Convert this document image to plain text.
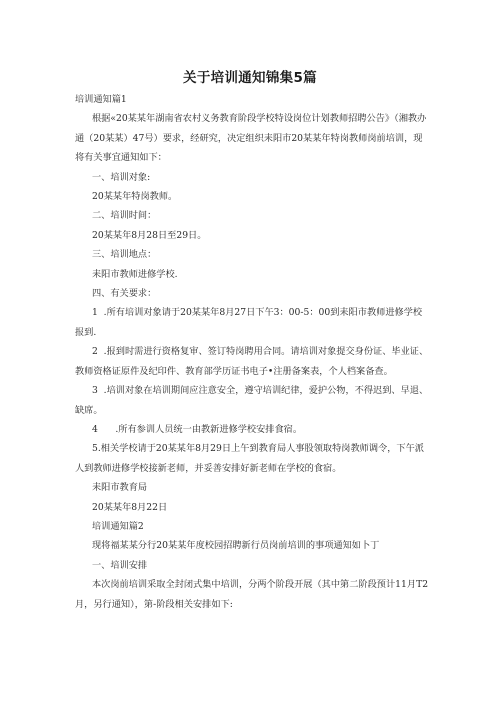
关于培训通知锦集5篇

培训通知篇1

根据«20某某年湖南省农村义务教育阶段学校特设岗位计划教师招聘公告》（湘教办通（20某某）47号）要求，经研究，决定组织耒阳市20某某年特岗教师岗前培训，现将有关事宜通知如下：

一、培训对象:

20某某年特岗教师。

二、培训时间：

20某某年8月28日至29日。

三、培训地点：

耒阳市教师进修学校.

四、有关要求：

1  .所有培训对象请于20某某年8月27日下午3：00-5：00到耒阳市教师进修学校报到.

2  .报到时需进行资格复审、签订特岗聘用合同。请培训对象提交身份证、毕业证、教师资格证原件及纪印件、教育部学历证书电子•注册备案表，个人档案备查。

3  .培训对象在培训期间应注意安全，遵守培训纪律，爱护公物，不得迟到、早退、缺席。

4      .所有参训人员统一由教新进修学校安排食宿。

5.相关学校请于20某某年8月29日上午到教育局人事股领取特岗教师调令，下午派人到教师进修学校接新老师，并妥善安排好新老师在学校的食宿。

耒阳市教育局

20某某年8月22日

培训通知篇2

现将福某某分行20某某年度校园招聘新行员岗前培训的事项通知如卜丁

一、培训安排

本次岗前培训采取全封闭式集中培训，分两个阶段开展（其中第二阶段预计11月T2月，另行通知），第-阶段相关安排如下:
